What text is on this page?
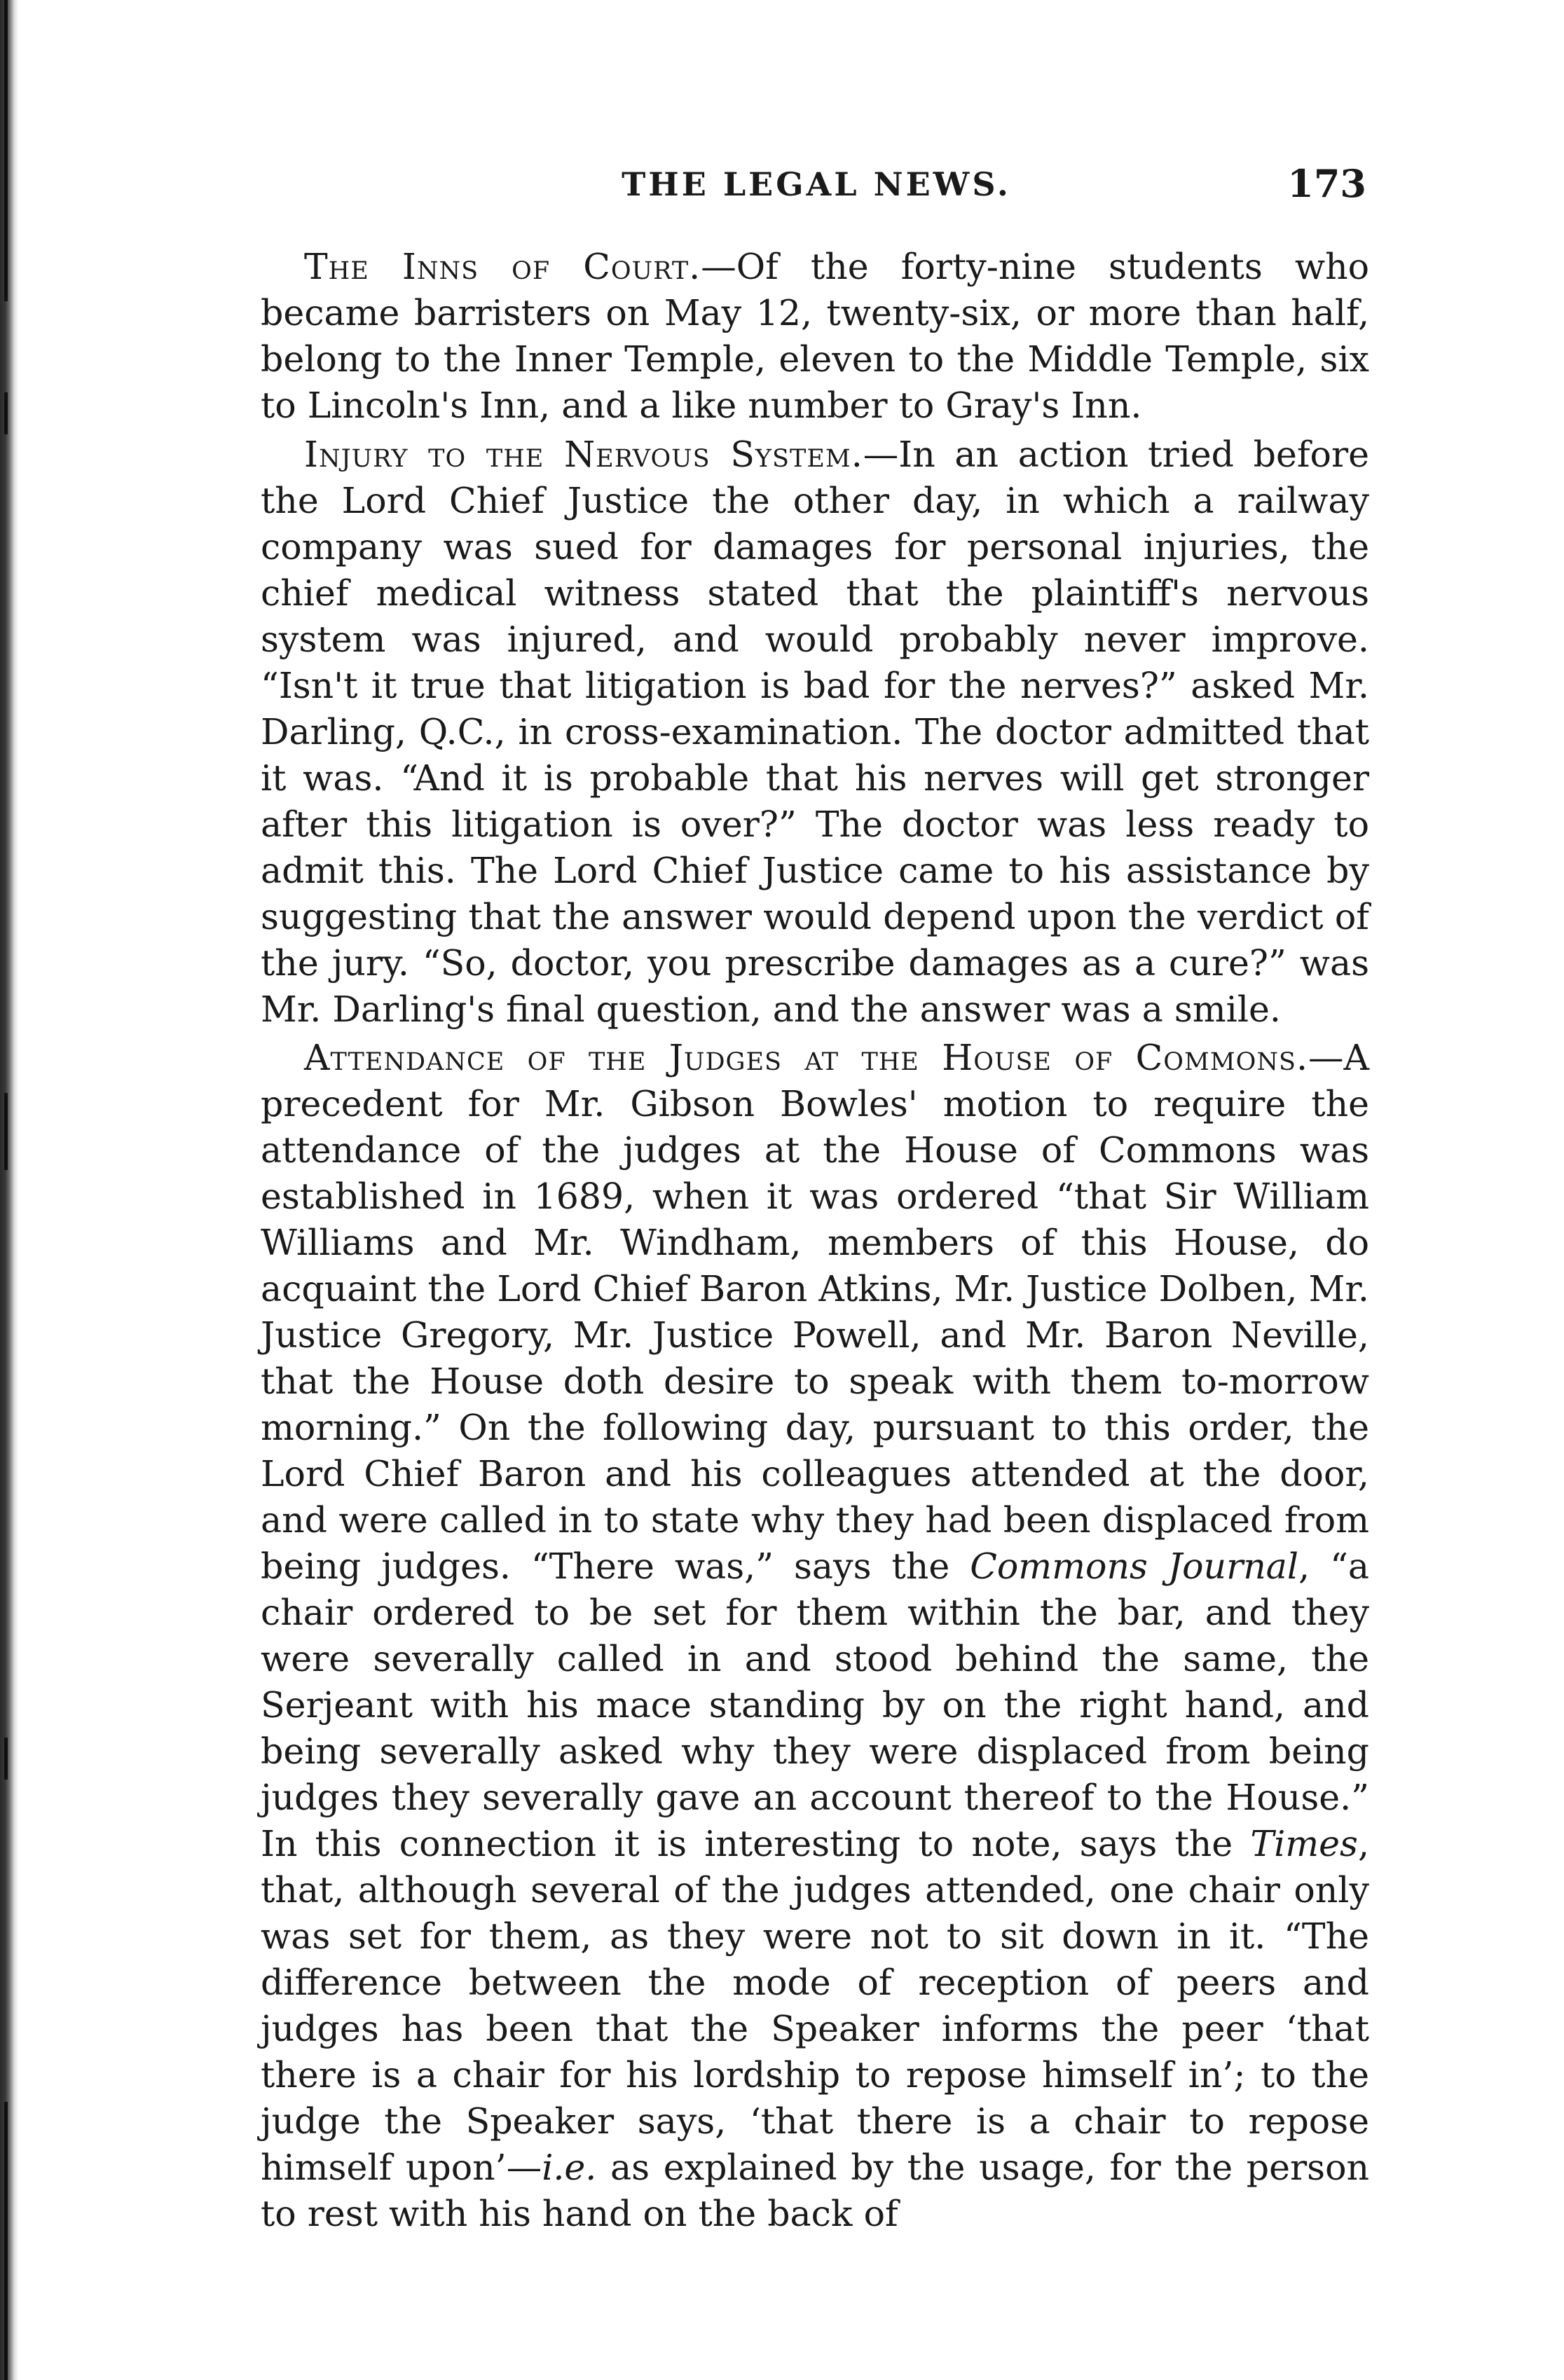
THE LEGAL NEWS.	173

The Inns of Court.—Of the forty-nine students who became barristers on May 12, twenty-six, or more than half, belong to the Inner Temple, eleven to the Middle Temple, six to Lincoln's Inn, and a like number to Gray's Inn.

Injury to the Nervous System.—In an action tried before the Lord Chief Justice the other day, in which a railway company was sued for damages for personal injuries, the chief medical witness stated that the plaintiff's nervous system was injured, and would probably never improve. “Isn't it true that litigation is bad for the nerves?” asked Mr. Darling, Q.C., in cross-examination. The doctor admitted that it was. “And it is probable that his nerves will get stronger after this litigation is over?” The doctor was less ready to admit this. The Lord Chief Justice came to his assistance by suggesting that the answer would depend upon the verdict of the jury. “So, doctor, you prescribe damages as a cure?” was Mr. Darling's final question, and the answer was a smile.

Attendance of the Judges at the House of Commons.—A precedent for Mr. Gibson Bowles' motion to require the attendance of the judges at the House of Commons was established in 1689, when it was ordered “that Sir William Williams and Mr. Windham, members of this House, do acquaint the Lord Chief Baron Atkins, Mr. Justice Dolben, Mr. Justice Gregory, Mr. Justice Powell, and Mr. Baron Neville, that the House doth desire to speak with them to-morrow morning.” On the following day, pursuant to this order, the Lord Chief Baron and his colleagues attended at the door, and were called in to state why they had been displaced from being judges. “There was,” says the Commons Journal, “a chair ordered to be set for them within the bar, and they were severally called in and stood behind the same, the Serjeant with his mace standing by on the right hand, and being severally asked why they were displaced from being judges they severally gave an account thereof to the House.” In this connection it is interesting to note, says the Times, that, although several of the judges attended, one chair only was set for them, as they were not to sit down in it. “The difference between the mode of reception of peers and judges has been that the Speaker informs the peer ‘that there is a chair for his lordship to repose himself in’; to the judge the Speaker says, ‘that there is a chair to repose himself upon’—i.e. as explained by the usage, for the person to rest with his hand on the back of
